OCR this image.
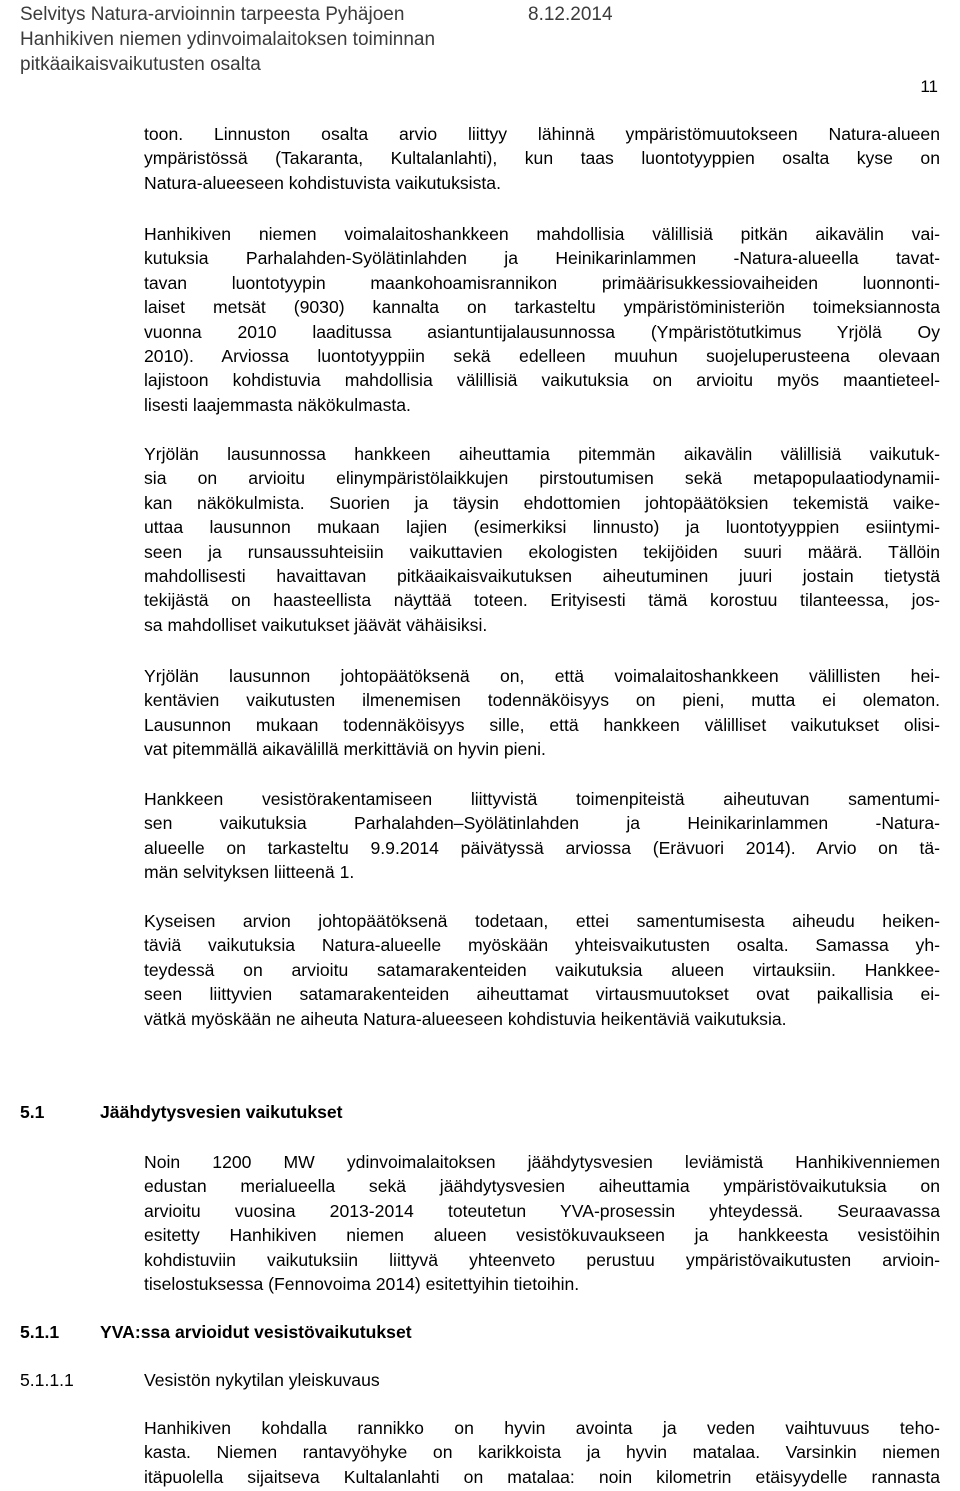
Selvitys Natura-arvioinnin tarpeesta Pyhäjoen	8.12.2014
Hanhikiven niemen ydinvoimalaitoksen toiminnan
pitkäaikaisvaikutusten osalta
11
toon. Linnuston osalta arvio liittyy lähinnä ympäristömuutokseen Natura-alueen
ympäristössä (Takaranta, Kultalanlahti), kun taas luontotyyppien osalta kyse on
Natura-alueeseen kohdistuvista vaikutuksista.
Hanhikiven niemen voimalaitoshankkeen mahdollisia välillisiä pitkän aikavälin vai-
kutuksia Parhalahden-Syölätinlahden ja Heinikarinlammen -Natura-alueella tavat-
tavan luontotyypin maankohoamisrannikon primäärisukkessiovaiheiden luonnonti-
laiset metsät (9030) kannalta on tarkasteltu ympäristöministeriön toimeksiannosta
vuonna 2010 laaditussa asiantuntijalausunnossa (Ympäristötutkimus Yrjölä Oy
2010). Arviossa luontotyyppiin sekä edelleen muuhun suojeluperusteena olevaan
lajistoon kohdistuvia mahdollisia välillisiä vaikutuksia on arvioitu myös maantieteel-
lisesti laajemmasta näkökulmasta.
Yrjölän lausunnossa hankkeen aiheuttamia pitemmän aikavälin välillisiä vaikutuk-
sia on arvioitu elinympäristölaikkujen pirstoutumisen sekä metapopulaatiodynamii-
kan näkökulmista. Suorien ja täysin ehdottomien johtopäätöksien tekemistä vaike-
uttaa lausunnon mukaan lajien (esimerkiksi linnusto) ja luontotyyppien esiintymi-
seen ja runsaussuhteisiin vaikuttavien ekologisten tekijöiden suuri määrä. Tällöin
mahdollisesti havaittavan pitkäaikaisvaikutuksen aiheutuminen juuri jostain tietystä
tekijästä on haasteellista näyttää toteen. Erityisesti tämä korostuu tilanteessa, jos-
sa mahdolliset vaikutukset jäävät vähäisiksi.
Yrjölän lausunnon johtopäätöksenä on, että voimalaitoshankkeen välillisten hei-
kentävien vaikutusten ilmenemisen todennäköisyys on pieni, mutta ei olematon.
Lausunnon mukaan todennäköisyys sille, että hankkeen välilliset vaikutukset olisi-
vat pitemmällä aikavälillä merkittäviä on hyvin pieni.
Hankkeen vesistörakentamiseen liittyvistä toimenpiteistä aiheutuvan samentumi-
sen vaikutuksia Parhalahden–Syölätinlahden ja Heinikarinlammen -Natura-
alueelle on tarkasteltu 9.9.2014 päivätyssä arviossa (Erävuori 2014). Arvio on tä-
män selvityksen liitteenä 1.
Kyseisen arvion johtopäätöksenä todetaan, ettei samentumisesta aiheudu heiken-
täviä vaikutuksia Natura-alueelle myöskään yhteisvaikutusten osalta. Samassa yh-
teydessä on arvioitu satamarakenteiden vaikutuksia alueen virtauksiin. Hankkee-
seen liittyvien satamarakenteiden aiheuttamat virtausmuutokset ovat paikallisia ei-
vätkä myöskään ne aiheuta Natura-alueeseen kohdistuvia heikentäviä vaikutuksia.
5.1	Jäähdytysvesien vaikutukset
Noin 1200 MW ydinvoimalaitoksen jäähdytysvesien leviämistä Hanhikivenniemen
edustan merialueella sekä jäähdytysvesien aiheuttamia ympäristövaikutuksia on
arvioitu vuosina 2013-2014 toteutetun YVA-prosessin yhteydessä. Seuraavassa
esitetty Hanhikiven niemen alueen vesistökuvaukseen ja hankkeesta vesistöihin
kohdistuviin vaikutuksiin liittyvä yhteenveto perustuu ympäristövaikutusten arvioin-
tiselostuksessa (Fennovoima 2014) esitettyihin tietoihin.
5.1.1 YVA:ssa arvioidut vesistövaikutukset
5.1.1.1	Vesistön nykytilan yleiskuvaus
Hanhikiven kohdalla rannikko on hyvin avointa ja veden vaihtuvuus teho-
kasta. Niemen rantavyöhyke on karikkoista ja hyvin matalaa. Varsinkin niemen
itäpuolella sijaitseva Kultalanlahti on matalaa: noin kilometrin etäisyydelle rannasta
